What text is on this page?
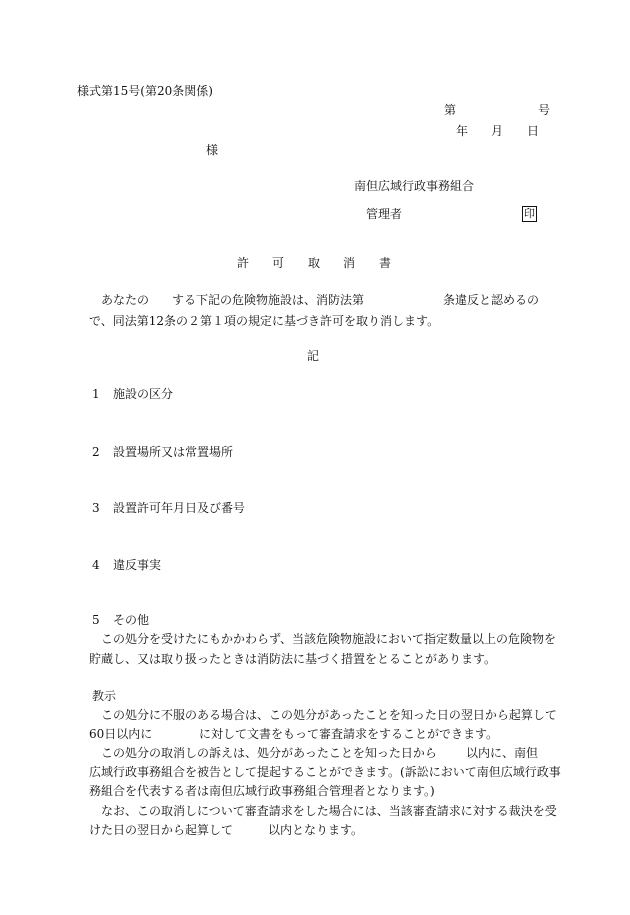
様式第15号(第20条関係)
第	号
年 月 日
様
南但広域行政事務組合
管理者	印
許 可 取 消 書
あなたの する下記の危険物施設は、消防法第	条違反と認めるの
で、同法第12条の２第１項の規定に基づき許可を取り消します。
記
1 施設の区分
2 設置場所又は常置場所
3 設置許可年月日及び番号
4 違反事実
5 その他
この処分を受けたにもかかわらず、当該危険物施設において指定数量以上の危険物を
貯蔵し、又は取り扱ったときは消防法に基づく措置をとることがあります。
教示
この処分に不服のある場合は、この処分があったことを知った日の翌日から起算して
60日以内に	に対して文書をもって審査請求をすることができます。
この処分の取消しの訴えは、処分があったことを知った日から 以内に、南但
広域行政事務組合を被告として提起することができます。(訴訟において南但広域行政事
務組合を代表する者は南但広域行政事務組合管理者となります。)
なお、この取消しについて審査請求をした場合には、当該審査請求に対する裁決を受
けた日の翌日から起算して	以内となります。
